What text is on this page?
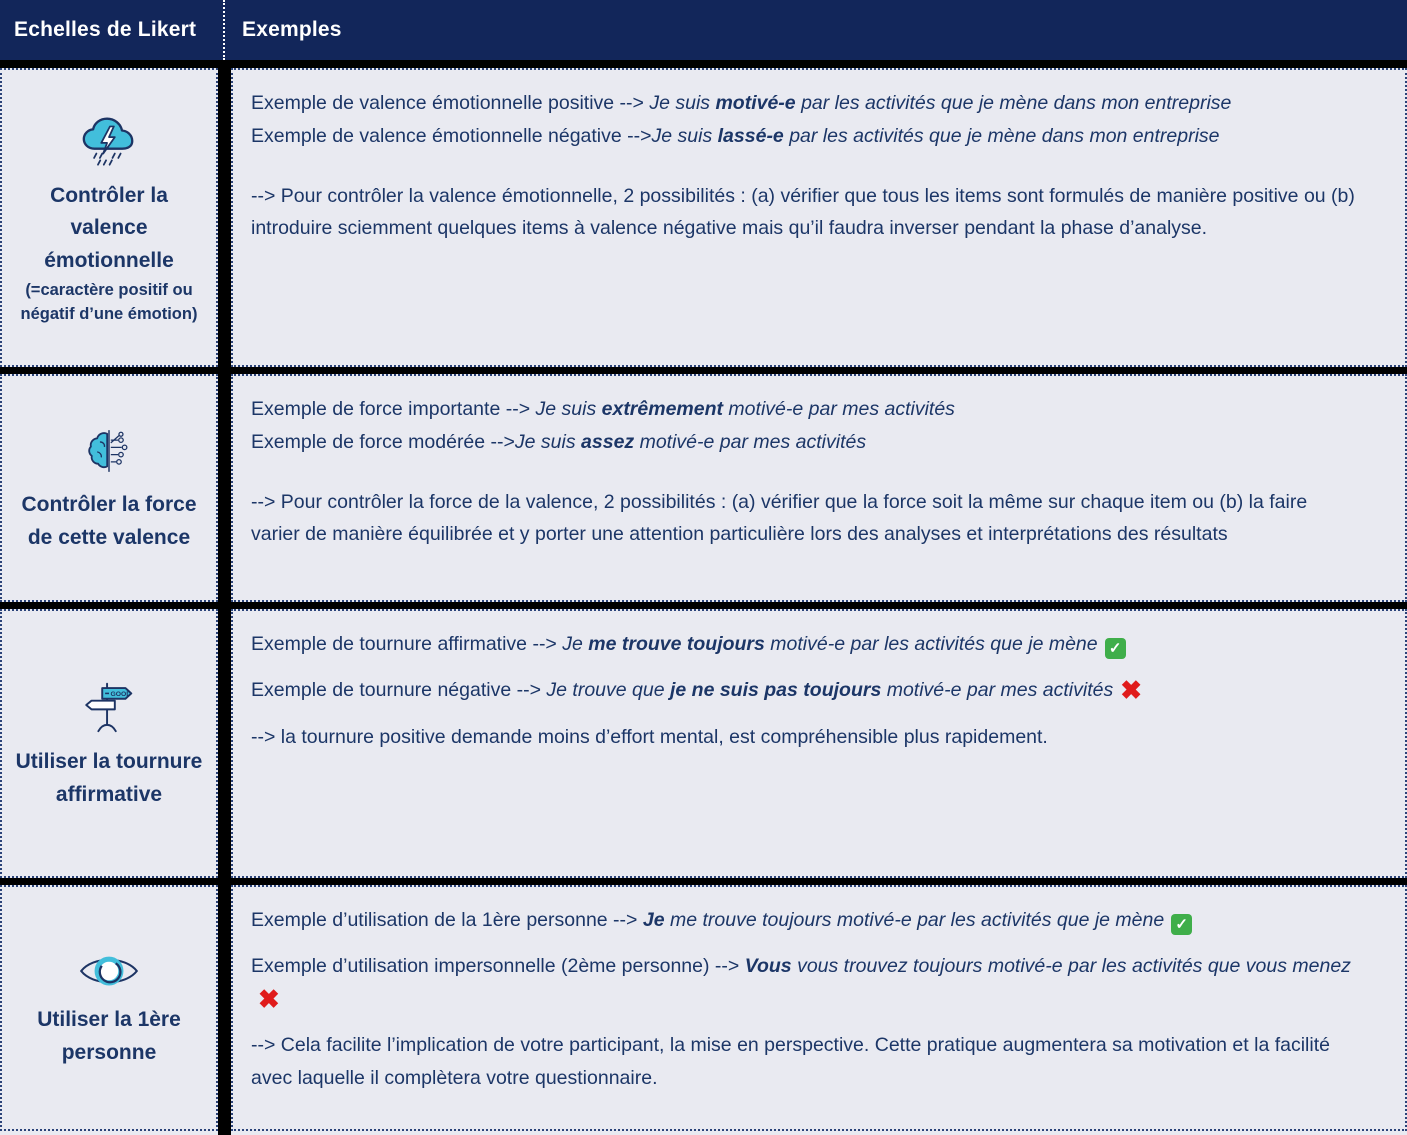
Echelles de Likert	Exemples
Contrôler la valence émotionnelle
(=caractère positif ou négatif d’une émotion)
Exemple de valence émotionnelle positive --> Je suis motivé-e par les activités que je mène dans mon entreprise
Exemple de valence émotionnelle négative -->Je suis lassé-e par les activités que je mène dans mon entreprise
--> Pour contrôler la valence émotionnelle, 2 possibilités : (a) vérifier que tous les items sont formulés de manière positive ou (b) introduire sciemment quelques items à valence négative mais qu’il faudra inverser pendant la phase d’analyse.
Contrôler la force de cette valence
Exemple de force importante --> Je suis extrêmement motivé-e par mes activités
Exemple de force modérée -->Je suis assez motivé-e par mes activités
--> Pour contrôler la force de la valence, 2 possibilités : (a) vérifier que la force soit la même sur chaque item ou (b) la faire varier de manière équilibrée et y porter une attention particulière lors des analyses et interprétations des résultats
GOOD
Utiliser la tournure affirmative
Exemple de tournure affirmative --> Je me trouve toujours motivé-e par les activités que je mène ✓
Exemple de tournure négative --> Je trouve que je ne suis pas toujours motivé-e par mes activités ✖
--> la tournure positive demande moins d’effort mental, est compréhensible plus rapidement.
Utiliser la 1ère personne
Exemple d’utilisation de la 1ère personne --> Je me trouve toujours motivé-e par les activités que je mène ✓
Exemple d’utilisation impersonnelle (2ème personne) --> Vous vous trouvez toujours motivé-e par les activités que vous menez✖
--> Cela facilite l’implication de votre participant, la mise en perspective. Cette pratique augmentera sa motivation et la facilité avec laquelle il complètera votre questionnaire.
